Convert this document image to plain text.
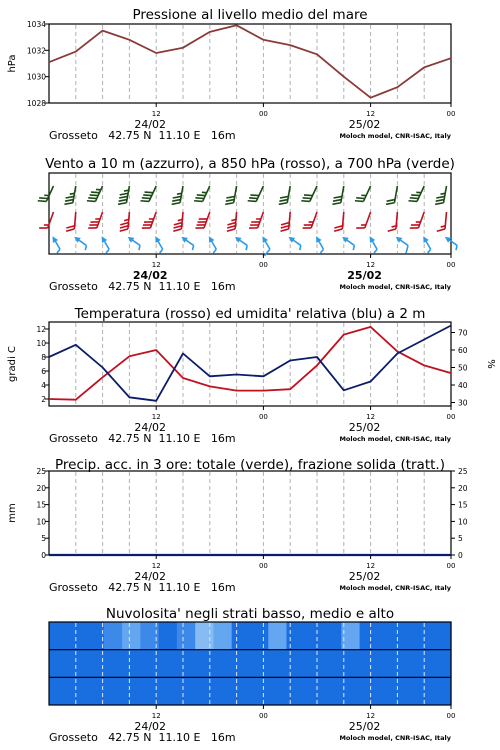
Pressione al livello medio del mare
1028
1030
1032
1034
hPa
12	00	12	00
24/02	25/02
Grosseto   42.75 N  11.10 E   16m	Moloch model, CNR-ISAC, Italy
Vento a 10 m (azzurro), a 850 hPa (rosso), a 700 hPa (verde)
12	00	12	00
24/02	25/02
Grosseto   42.75 N  11.10 E   16m	Moloch model, CNR-ISAC, Italy
Temperatura (rosso) ed umidita' relativa (blu) a 2 m
2
4
6
8
10
12
30
40
50
60
70
gradi C	%
12	00	12	00
24/02	25/02
Grosseto   42.75 N  11.10 E   16m	Moloch model, CNR-ISAC, Italy
Precip. acc. in 3 ore: totale (verde), frazione solida (tratt.)
0
5
10
15
20
25
0
5
10
15
20
25
mm
12	00	12	00
24/02	25/02
Grosseto   42.75 N  11.10 E   16m	Moloch model, CNR-ISAC, Italy
Nuvolosita' negli strati basso, medio e alto
12	00	12	00
24/02	25/02
Grosseto   42.75 N  11.10 E   16m	Moloch model, CNR-ISAC, Italy
